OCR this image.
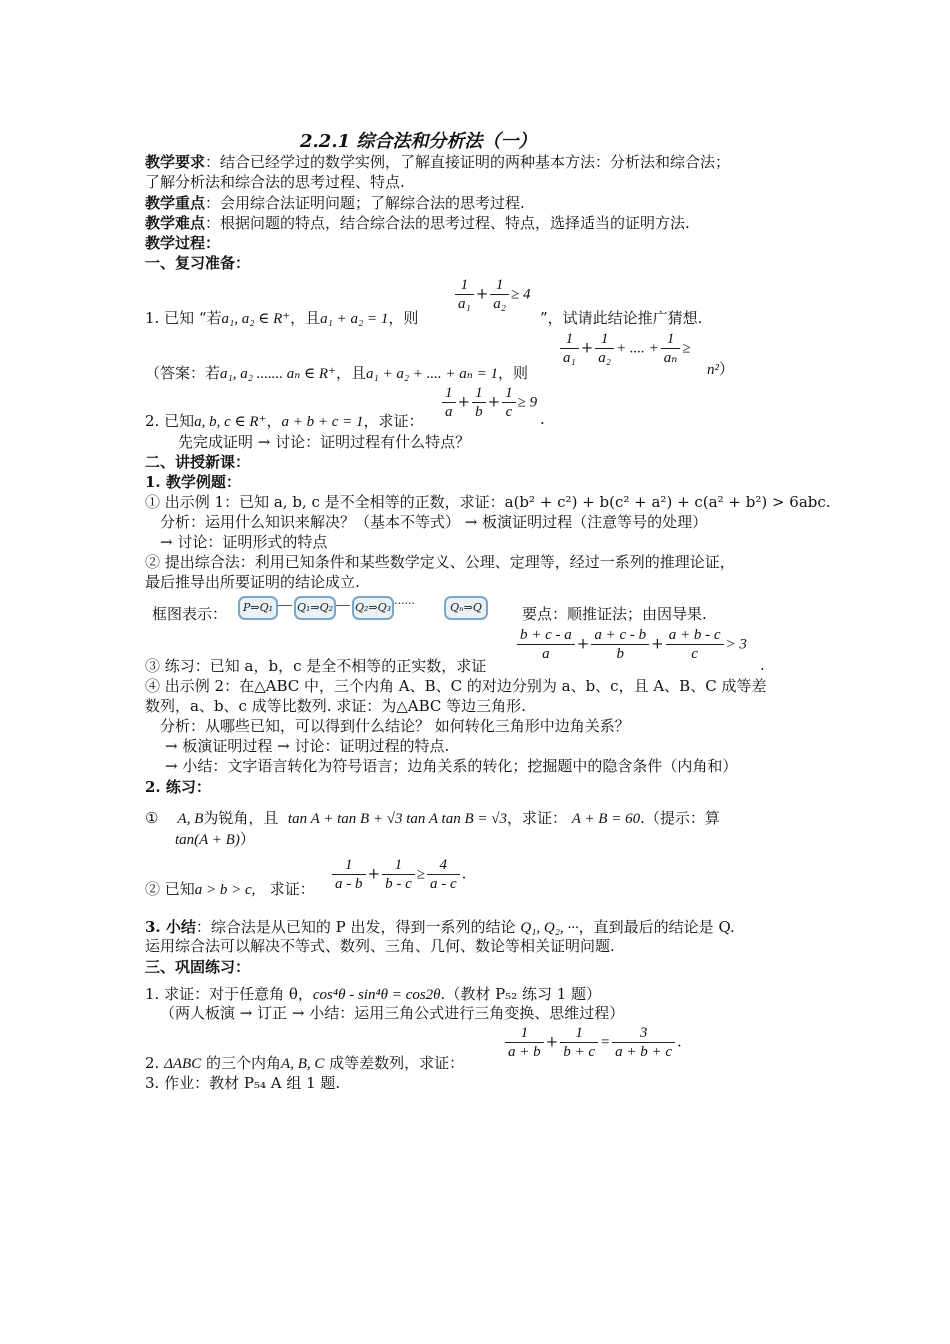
2.2.1 综合法和分析法（一）
教学要求：结合已经学过的数学实例，了解直接证明的两种基本方法：分析法和综合法；
了解分析法和综合法的思考过程、特点.
教学重点：会用综合法证明问题；了解综合法的思考过程.
教学难点：根据问题的特点，结合综合法的思考过程、特点，选择适当的证明方法.
教学过程：
一、复习准备：
1. 已知 “若a₁, a₂ ∈ R⁺，且a₁ + a₂ = 1，则
$\frac{1}{\text{a₁}} + \frac{1}{\text{a₂}} \ge 4$
”，试请此结论推广猜想.
（答案：若a₁, a₂ ....... aₙ ∈ R⁺，且a₁ + a₂ + .... + aₙ = 1，则
$\frac{1}{\text{a₁}} + \frac{1}{\text{a₂}}$ + .... + $\frac{1}{\text{aₙ}}$ ≥
n²）
2. 已知a, b, c ∈ R⁺，a + b + c = 1，求证： $\frac{1}{a} + \frac{1}{b} + \frac{1}{c} \ge 9$
.
先完成证明 → 讨论：证明过程有什么特点？
二、讲授新课：
1. 教学例题：
① 出示例 1：已知 a, b, c 是不全相等的正数，求证：a(b² + c²) + b(c² + a²) + c(a² + b²) > 6abc.
分析：运用什么知识来解决？（基本不等式） → 板演证明过程（注意等号的处理）
→ 讨论：证明形式的特点
② 提出综合法：利用已知条件和某些数学定义、公理、定理等，经过一系列的推理论证，
最后推导出所要证明的结论成立.
框图表示：	P⇒Q₁	Q₁⇒Q₂ Q₂⇒Q₃ ······	Qₙ⇒Q	要点：顺推证法；由因导果.
$\frac{b + c - a}{a} + \frac{a + c - b}{b} + \frac{a + b - c}{c} > 3$
③ 练习：已知 a，b，c 是全不相等的正实数，求证	.
④ 出示例 2：在△ABC 中，三个内角 A、B、C 的对边分别为 a、b、c，且 A、B、C 成等差
数列，a、b、c 成等比数列. 求证：为△ABC 等边三角形.
分析：从哪些已知，可以得到什么结论？ 如何转化三角形中边角关系？
→ 板演证明过程 → 讨论：证明过程的特点.
→ 小结：文字语言转化为符号语言；边角关系的转化；挖掘题中的隐含条件（内角和）
2. 练习：
① A, B为锐角，且 tan A + tan B + √3 tan A tan B = √3，求证： A + B = 60.（提示：算
tan(A + B)）
② 已知a > b > c, 求证： $\frac{1}{a - b} + \frac{1}{b - c} \ge \frac{4}{a - c}$ .
3. 小结：综合法是从已知的 P 出发，得到一系列的结论 Q₁, Q₂, ···，直到最后的结论是 Q.
运用综合法可以解决不等式、数列、三角、几何、数论等相关证明问题.
三、巩固练习：
1. 求证：对于任意角 θ，cos⁴θ - sin⁴θ = cos2θ.（教材 P₅₂ 练习 1 题）
（两人板演 → 订正 → 小结：运用三角公式进行三角变换、思维过程）
2. ΔABC 的三个内角A, B, C 成等差数列，求证：
$\frac{1}{a + b} + \frac{1}{b + c} = \frac{3}{a + b + c}$ .
3. 作业：教材 P₅₄ A 组 1 题.
